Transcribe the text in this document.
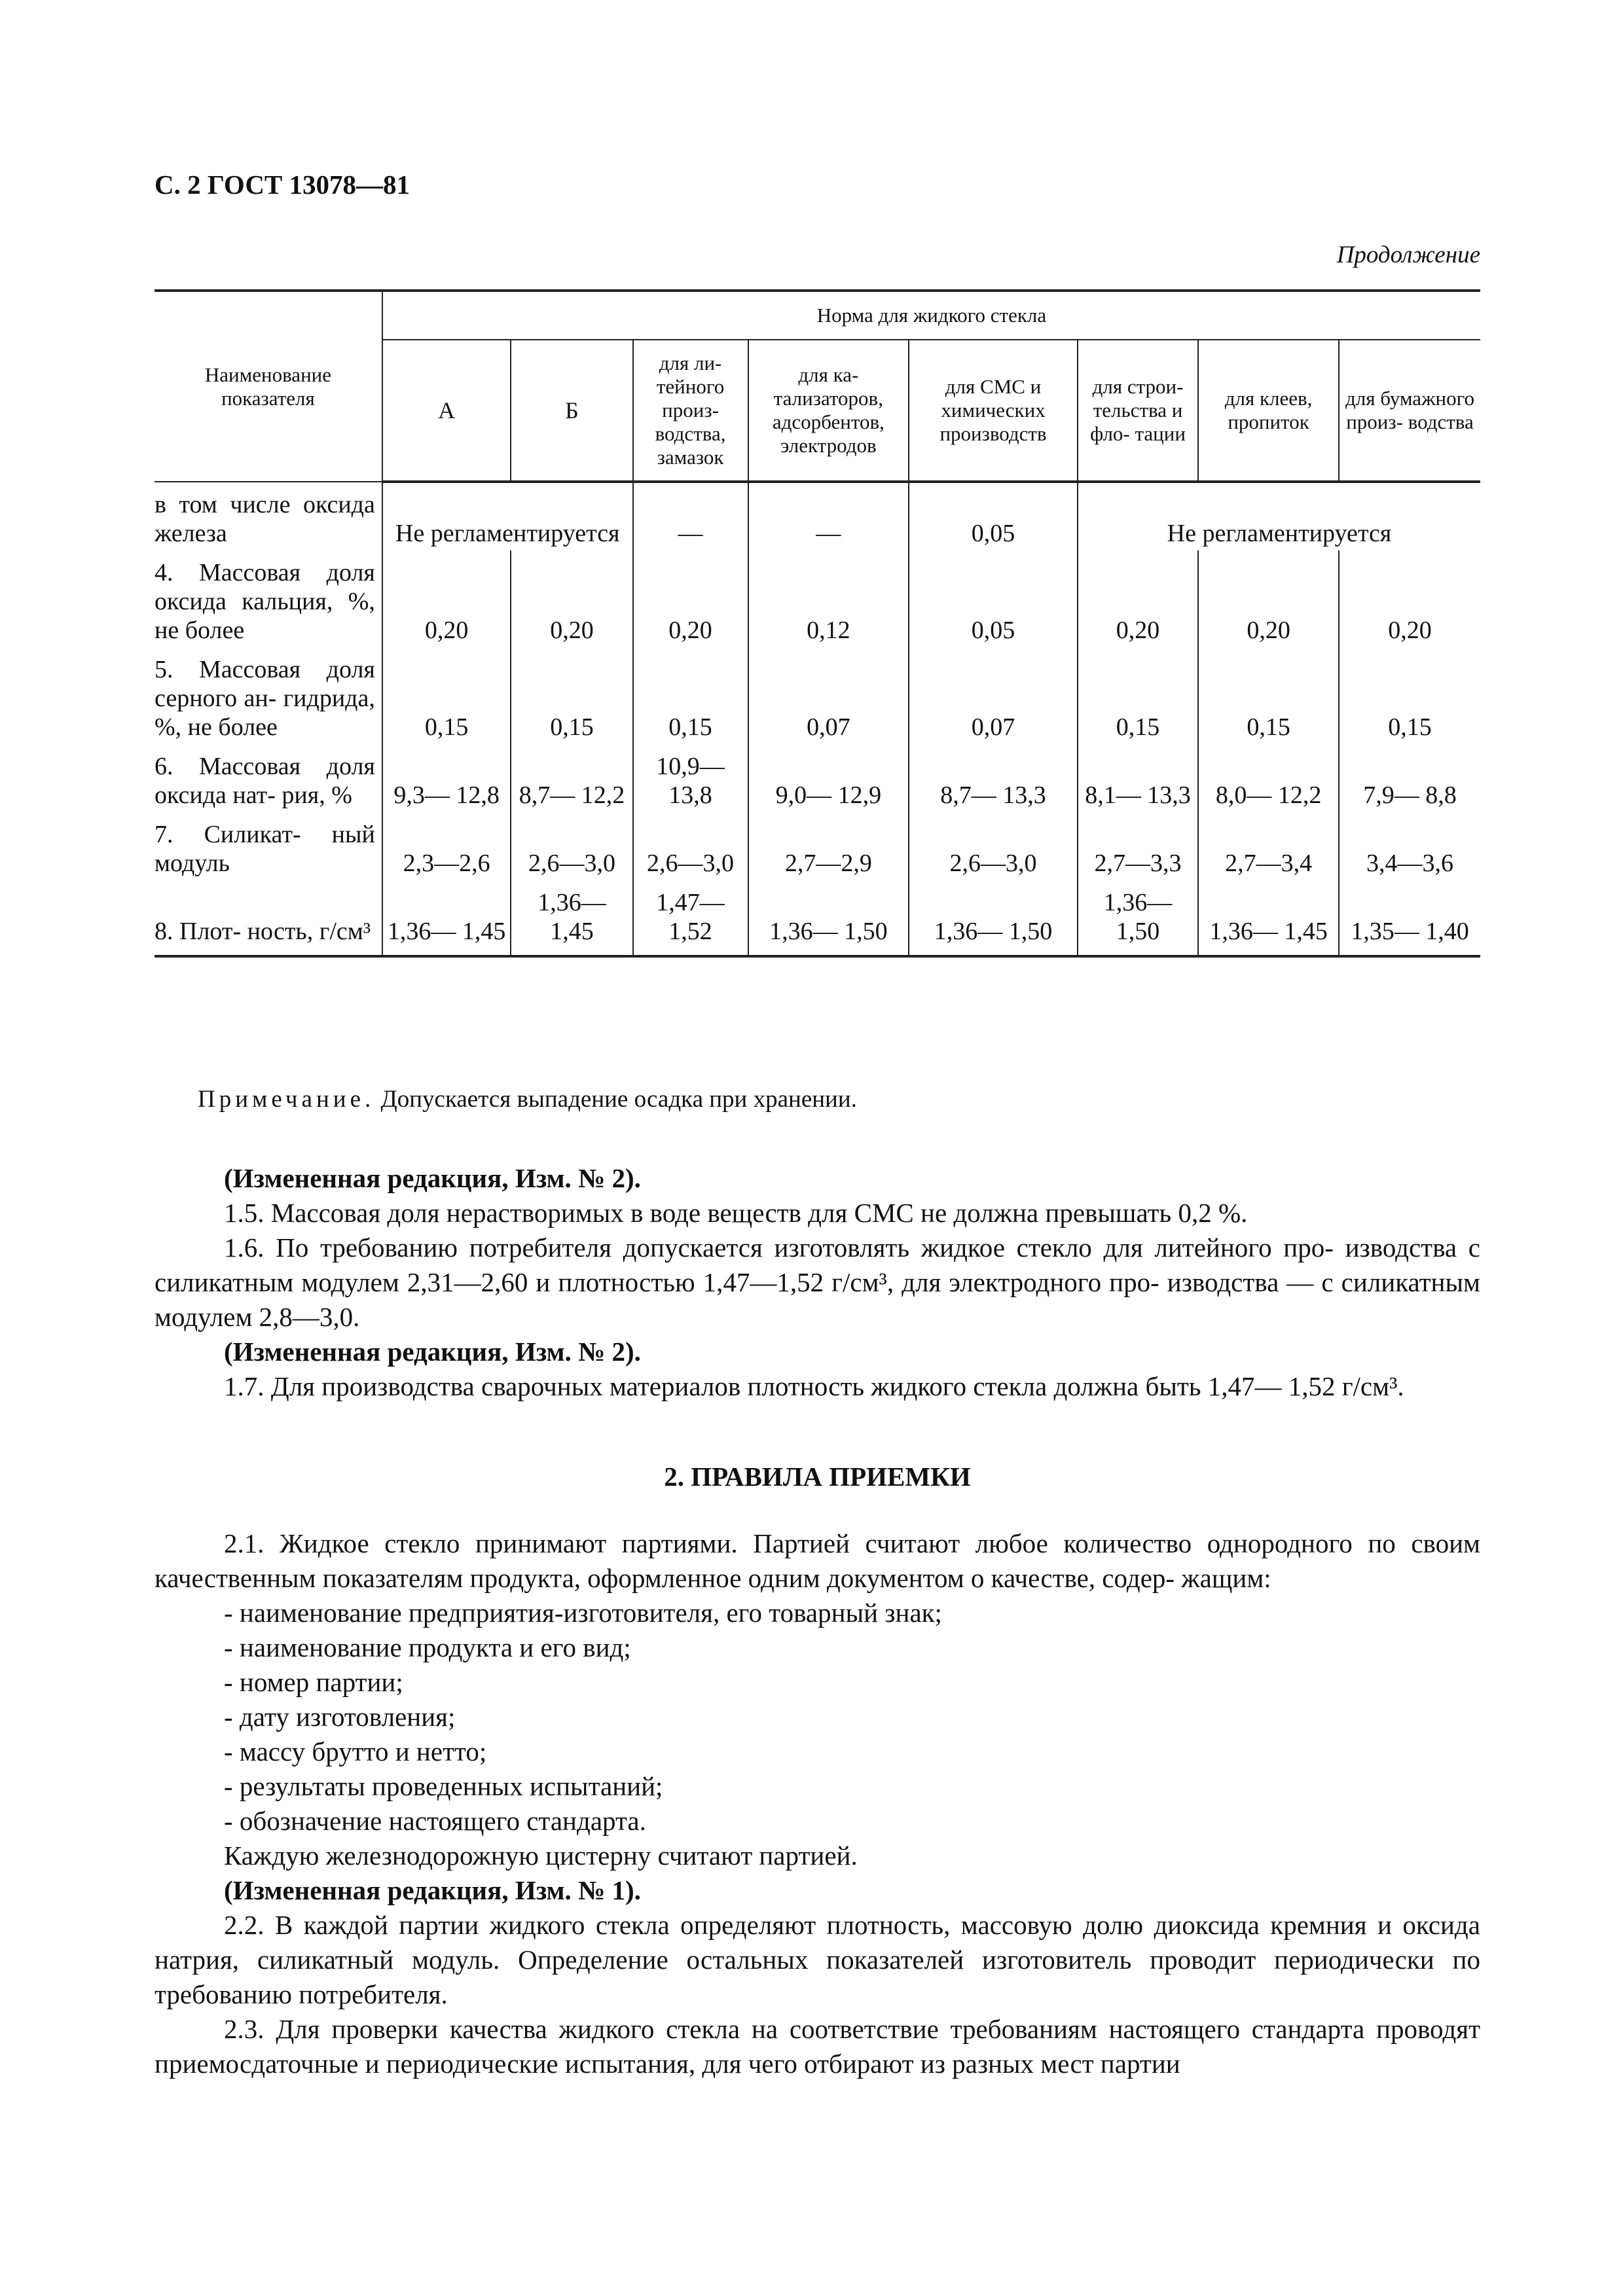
С. 2 ГОСТ 13078—81
Продолжение
Наименование показателя	Норма для жидкого стекла							
	А	Б	для ли- тейного произ- водства, замазок	для ка- тализаторов, адсорбентов, электродов	для СМС и химических производств	для строи- тельства и фло- тации	для клеев, пропиток	для бумажного произ- водства
в том числе оксида железа	Не регламентируется		—	—	0,05	Не регламентируется		
4. Массовая доля оксида кальция, %, не более	0,20	0,20	0,20	0,12	0,05	0,20	0,20	0,20
5. Массовая доля серного ан- гидрида, %, не более	0,15	0,15	0,15	0,07	0,07	0,15	0,15	0,15
6. Массовая доля оксида нат- рия, %	9,3— 12,8	8,7— 12,2	10,9— 13,8	9,0— 12,9	8,7— 13,3	8,1— 13,3	8,0— 12,2	7,9— 8,8
7. Силикат- ный модуль	2,3—2,6	2,6—3,0	2,6—3,0	2,7—2,9	2,6—3,0	2,7—3,3	2,7—3,4	3,4—3,6
8. Плот- ность, г/см³	1,36— 1,45	1,36— 1,45	1,47— 1,52	1,36— 1,50	1,36— 1,50	1,36— 1,50	1,36— 1,45	1,35— 1,40
Примечание. Допускается выпадение осадка при хранении.

(Измененная редакция, Изм. № 2).

1.5. Массовая доля нерастворимых в воде веществ для СМС не должна превышать 0,2 %.

1.6. По требованию потребителя допускается изготовлять жидкое стекло для литейного про- изводства с силикатным модулем 2,31—2,60 и плотностью 1,47—1,52 г/см³, для электродного про- изводства — с силикатным модулем 2,8—3,0.

(Измененная редакция, Изм. № 2).

1.7. Для производства сварочных материалов плотность жидкого стекла должна быть 1,47— 1,52 г/см³.

2. ПРАВИЛА ПРИЕМКИ

2.1. Жидкое стекло принимают партиями. Партией считают любое количество однородного по своим качественным показателям продукта, оформленное одним документом о качестве, содер- жащим:

- наименование предприятия-изготовителя, его товарный знак;

- наименование продукта и его вид;

- номер партии;

- дату изготовления;

- массу брутто и нетто;

- результаты проведенных испытаний;

- обозначение настоящего стандарта.

Каждую железнодорожную цистерну считают партией.

(Измененная редакция, Изм. № 1).

2.2. В каждой партии жидкого стекла определяют плотность, массовую долю диоксида кремния и оксида натрия, силикатный модуль. Определение остальных показателей изготовитель проводит периодически по требованию потребителя.

2.3. Для проверки качества жидкого стекла на соответствие требованиям настоящего стандарта проводят приемосдаточные и периодические испытания, для чего отбирают из разных мест партии
